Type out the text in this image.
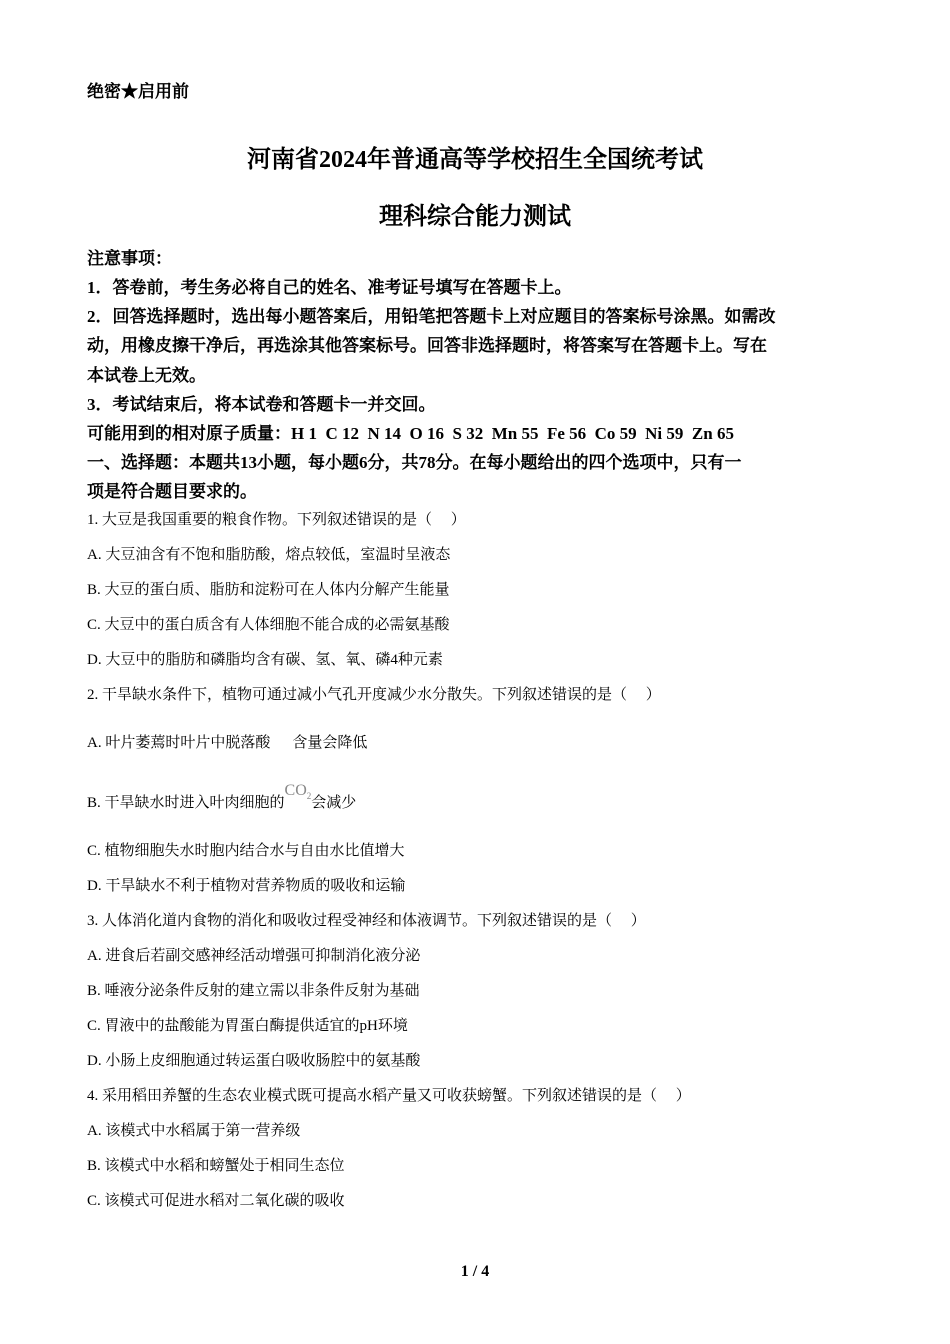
绝密★启用前
河南省2024年普通高等学校招生全国统考试
理科综合能力测试
注意事项：
1．答卷前，考生务必将自己的姓名、准考证号填写在答题卡上。
2．回答选择题时，选出每小题答案后，用铅笔把答题卡上对应题目的答案标号涂黑。如需改
动，用橡皮擦干净后，再选涂其他答案标号。回答非选择题时，将答案写在答题卡上。写在
本试卷上无效。
3．考试结束后，将本试卷和答题卡一并交回。
可能用到的相对原子质量：H 1  C 12  N 14  O 16  S 32  Mn 55  Fe 56  Co 59  Ni 59  Zn 65
一、选择题：本题共13小题，每小题6分，共78分。在每小题给出的四个选项中，只有一
项是符合题目要求的。
1. 大豆是我国重要的粮食作物。下列叙述错误的是（　 ）
A. 大豆油含有不饱和脂肪酸，熔点较低，室温时呈液态
B. 大豆的蛋白质、脂肪和淀粉可在人体内分解产生能量
C. 大豆中的蛋白质含有人体细胞不能合成的必需氨基酸
D. 大豆中的脂肪和磷脂均含有碳、氢、氧、磷4种元素
2. 干旱缺水条件下，植物可通过减小气孔开度减少水分散失。下列叙述错误的是（　 ）
A. 叶片萎蔫时叶片中脱落酸 含量会降低
B. 干旱缺水时进入叶肉细胞的$CO_2$会减少
C. 植物细胞失水时胞内结合水与自由水比值增大
D. 干旱缺水不利于植物对营养物质的吸收和运输
3. 人体消化道内食物的消化和吸收过程受神经和体液调节。下列叙述错误的是（　 ）
A. 进食后若副交感神经活动增强可抑制消化液分泌
B. 唾液分泌条件反射的建立需以非条件反射为基础
C. 胃液中的盐酸能为胃蛋白酶提供适宜的pH环境
D. 小肠上皮细胞通过转运蛋白吸收肠腔中的氨基酸
4. 采用稻田养蟹的生态农业模式既可提高水稻产量又可收获螃蟹。下列叙述错误的是（　 ）
A. 该模式中水稻属于第一营养级
B. 该模式中水稻和螃蟹处于相同生态位
C. 该模式可促进水稻对二氧化碳的吸收
1 / 4
